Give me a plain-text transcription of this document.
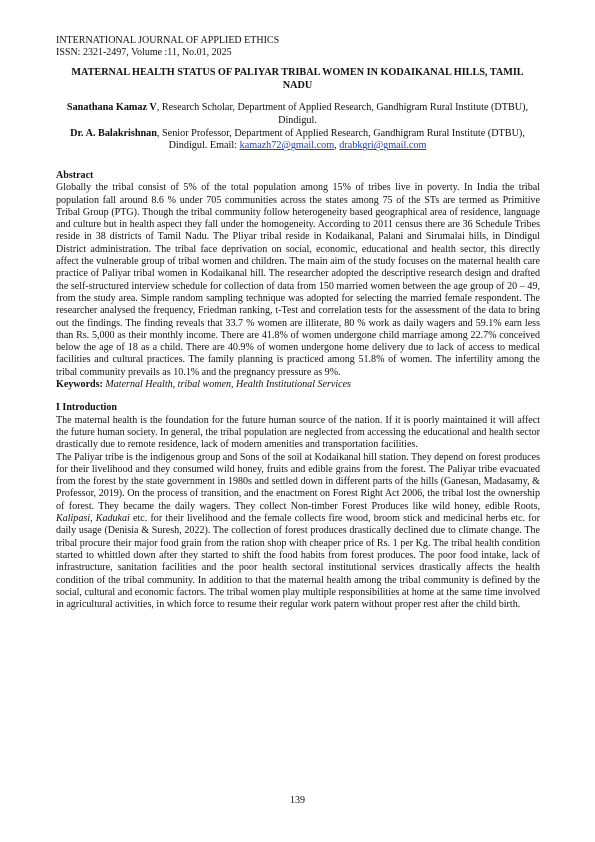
INTERNATIONAL JOURNAL OF APPLIED ETHICS
ISSN: 2321-2497, Volume :11, No.01, 2025
MATERNAL HEALTH STATUS OF PALIYAR TRIBAL WOMEN IN KODAIKANAL HILLS, TAMIL NADU

Sanathana Kamaz V, Research Scholar, Department of Applied Research, Gandhigram Rural Institute (DTBU), Dindigul.

Dr. A. Balakrishnan, Senior Professor, Department of Applied Research, Gandhigram Rural Institute (DTBU), Dindigul. Email: kamazh72@gmail.com, drabkgri@gmail.com

Abstract

Globally the tribal consist of 5% of the total population among 15% of tribes live in poverty. In India the tribal population fall around 8.6 % under 705 communities across the states among 75 of the STs are termed as Primitive Tribal Group (PTG). Though the tribal community follow heterogeneity based geographical area of residence, language and culture but in health aspect they fall under the homogeneity. According to 2011 census there are 36 Schedule Tribes reside in 38 districts of Tamil Nadu. The Pliyar tribal reside in Kodaikanal, Palani and Sirumalai hills, in Dindigul District administration. The tribal face deprivation on social, economic, educational and health sector, this directly affect the vulnerable group of tribal women and children. The main aim of the study focuses on the maternal health care practice of Paliyar tribal women in Kodaikanal hill. The researcher adopted the descriptive research design and drafted the self-structured interview schedule for collection of data from 150 married women between the age group of 20 – 49, from the study area. Simple random sampling technique was adopted for selecting the married female respondent. The researcher analysed the frequency, Friedman ranking, t-Test and correlation tests for the assessment of the data to bring out the findings. The finding reveals that 33.7 % women are illiterate, 80 % work as daily wagers and 59.1% earn less than Rs. 5,000 as their monthly income. There are 41.8% of women undergone child marriage among 22.7% conceived below the age of 18 as a child. There are 40.9% of women undergone home delivery due to lack of access to medical facilities and cultural practices. The family planning is practiced among 51.8% of women. The infertility among the tribal community prevails as 10.1% and the pregnancy pressure as 9%.

Keywords: Maternal Health, tribal women, Health Institutional Services

I Introduction

The maternal health is the foundation for the future human source of the nation. If it is poorly maintained it will affect the future human society. In general, the tribal population are neglected from accessing the educational and health sector drastically due to remote residence, lack of modern amenities and transportation facilities.

The Paliyar tribe is the indigenous group and Sons of the soil at Kodaikanal hill station. They depend on forest produces for their livelihood and they consumed wild honey, fruits and edible grains from the forest. The Paliyar tribe evacuated from the forest by the state government in 1980s and settled down in different parts of the hills (Ganesan, Madasamy, & Professor, 2019). On the process of transition, and the enactment on Forest Right Act 2006, the tribal lost the ownership of forest. They became the daily wagers. They collect Non-timber Forest Produces like wild honey, edible Roots, Kalipasi, Kadukai etc. for their livelihood and the female collects fire wood, broom stick and medicinal herbs etc. for daily usage (Denisia & Suresh, 2022). The collection of forest produces drastically declined due to climate change. The tribal procure their major food grain from the ration shop with cheaper price of Rs. 1 per Kg. The tribal health condition started to whittled down after they started to shift the food habits from forest produces. The poor food intake, lack of infrastructure, sanitation facilities and the poor health sectoral institutional services drastically affects the health condition of the tribal community. In addition to that the maternal health among the tribal community is defined by the social, cultural and economic factors. The tribal women play multiple responsibilities at home at the same time involved in agricultural activities, in which force to resume their regular work patern without proper rest after the child birth.

139
